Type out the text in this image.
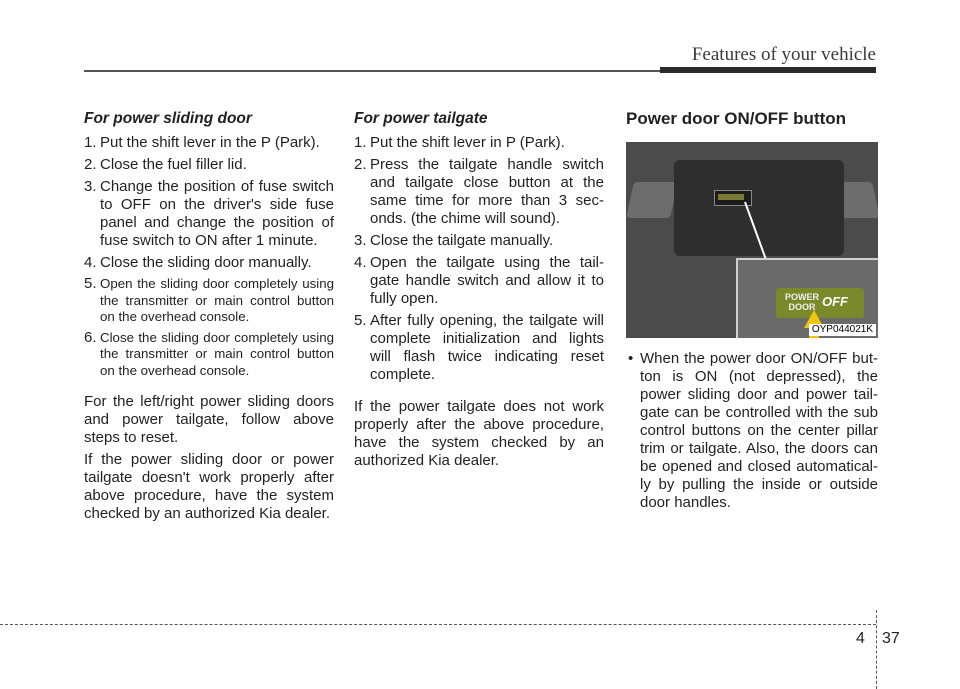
Features of your vehicle
For power sliding door
1. Put the shift lever in the P (Park).
2. Close the fuel filler lid.
3. Change the position of fuse switch to OFF on the driver's side fuse panel and change the position of fuse switch to ON after 1 minute.
4. Close the sliding door manually.
5. Open the sliding door completely using the transmitter or main control button on the overhead console.
6. Close the sliding door completely using the transmitter or main control button on the overhead console.

For the left/right power sliding doors and power tailgate, follow above steps to reset.

If the power sliding door or power tailgate doesn't work properly after above procedure, have the system checked by an authorized Kia dealer.

For power tailgate
1. Put the shift lever in P (Park).
2. Press the tailgate handle switch and tailgate close button at the same time for more than 3 sec-onds. (the chime will sound).
3. Close the tailgate manually.
4. Open the tailgate using the tail-gate handle switch and allow it to fully open.
5. After fully opening, the tailgate will complete initialization and lights will flash twice indicating reset complete.

If the power tailgate does not work properly after the above procedure, have the system checked by an authorized Kia dealer.

Power door ON/OFF button
POWER
DOOR OFF
OYP044021K
• When the power door ON/OFF but-ton is ON (not depressed), the power sliding door and power tail-gate can be controlled with the sub control buttons on the center pillar trim or tailgate. Also, the doors can be opened and closed automatical-ly by pulling the inside or outside door handles.
4 37
